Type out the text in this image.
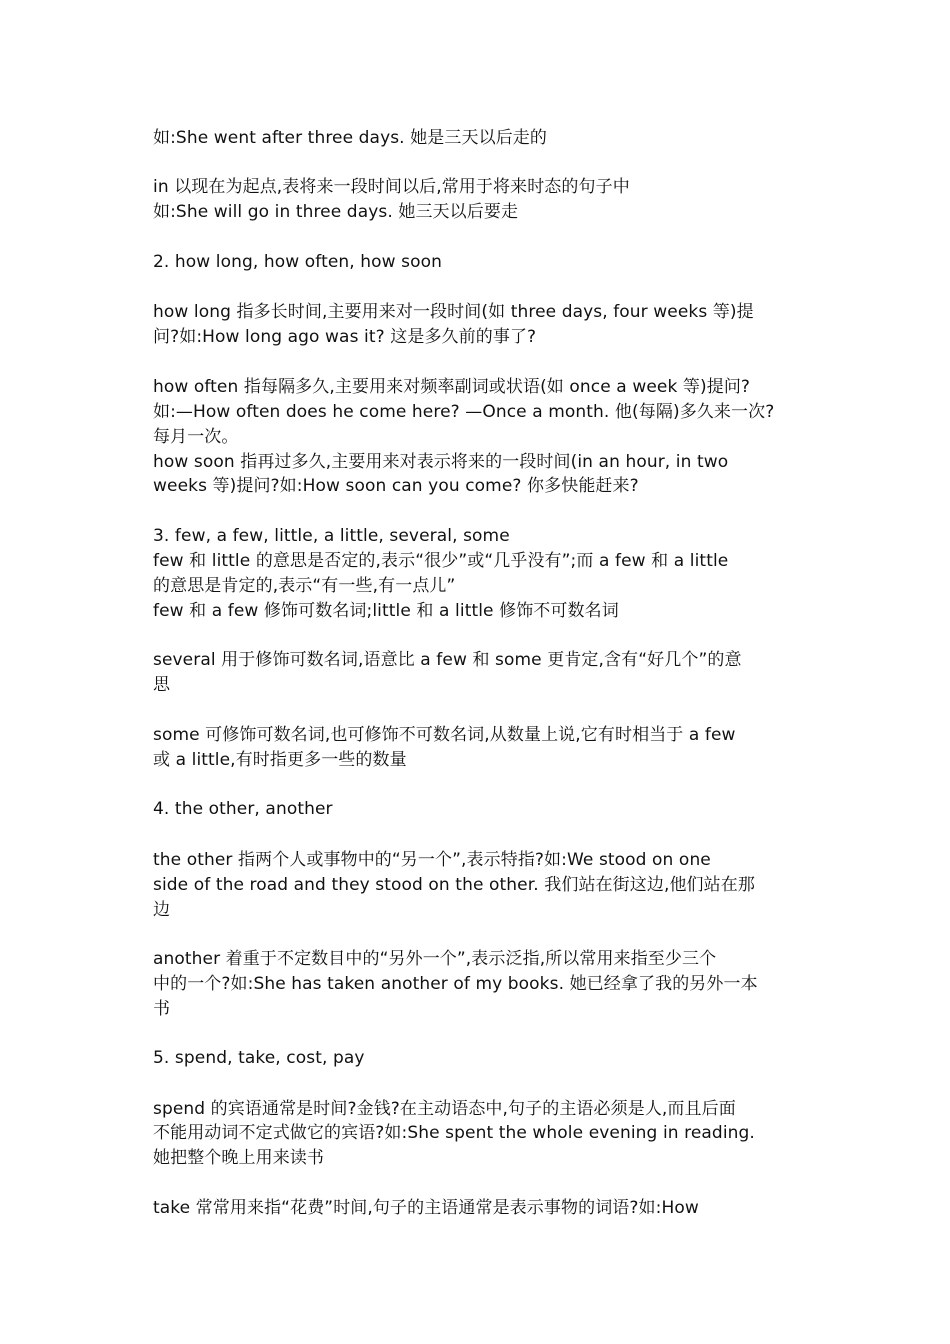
如:She went after three days. 她是三天以后走的
in 以现在为起点,表将来一段时间以后,常用于将来时态的句子中
如:She will go in three days. 她三天以后要走
2. how long, how often, how soon
how long 指多长时间,主要用来对一段时间(如 three days, four weeks 等)提
问?如:How long ago was it? 这是多久前的事了?
how often 指每隔多久,主要用来对频率副词或状语(如 once a week 等)提问?
如:—How often does he come here? —Once a month. 他(每隔)多久来一次?
每月一次。
how soon 指再过多久,主要用来对表示将来的一段时间(in an hour, in two
weeks 等)提问?如:How soon can you come? 你多快能赶来?
3. few, a few, little, a little, several, some
few 和 little 的意思是否定的,表示“很少”或“几乎没有”;而 a few 和 a little
的意思是肯定的,表示“有一些,有一点儿”
few 和 a few 修饰可数名词;little 和 a little 修饰不可数名词
several 用于修饰可数名词,语意比 a few 和 some 更肯定,含有“好几个”的意
思
some 可修饰可数名词,也可修饰不可数名词,从数量上说,它有时相当于 a few
或 a little,有时指更多一些的数量
4. the other, another
the other 指两个人或事物中的“另一个”,表示特指?如:We stood on one
side of the road and they stood on the other. 我们站在街这边,他们站在那
边
another 着重于不定数目中的“另外一个”,表示泛指,所以常用来指至少三个
中的一个?如:She has taken another of my books. 她已经拿了我的另外一本
书
5. spend, take, cost, pay
spend 的宾语通常是时间?金钱?在主动语态中,句子的主语必须是人,而且后面
不能用动词不定式做它的宾语?如:She spent the whole evening in reading.
她把整个晚上用来读书
take 常常用来指“花费”时间,句子的主语通常是表示事物的词语?如:How
